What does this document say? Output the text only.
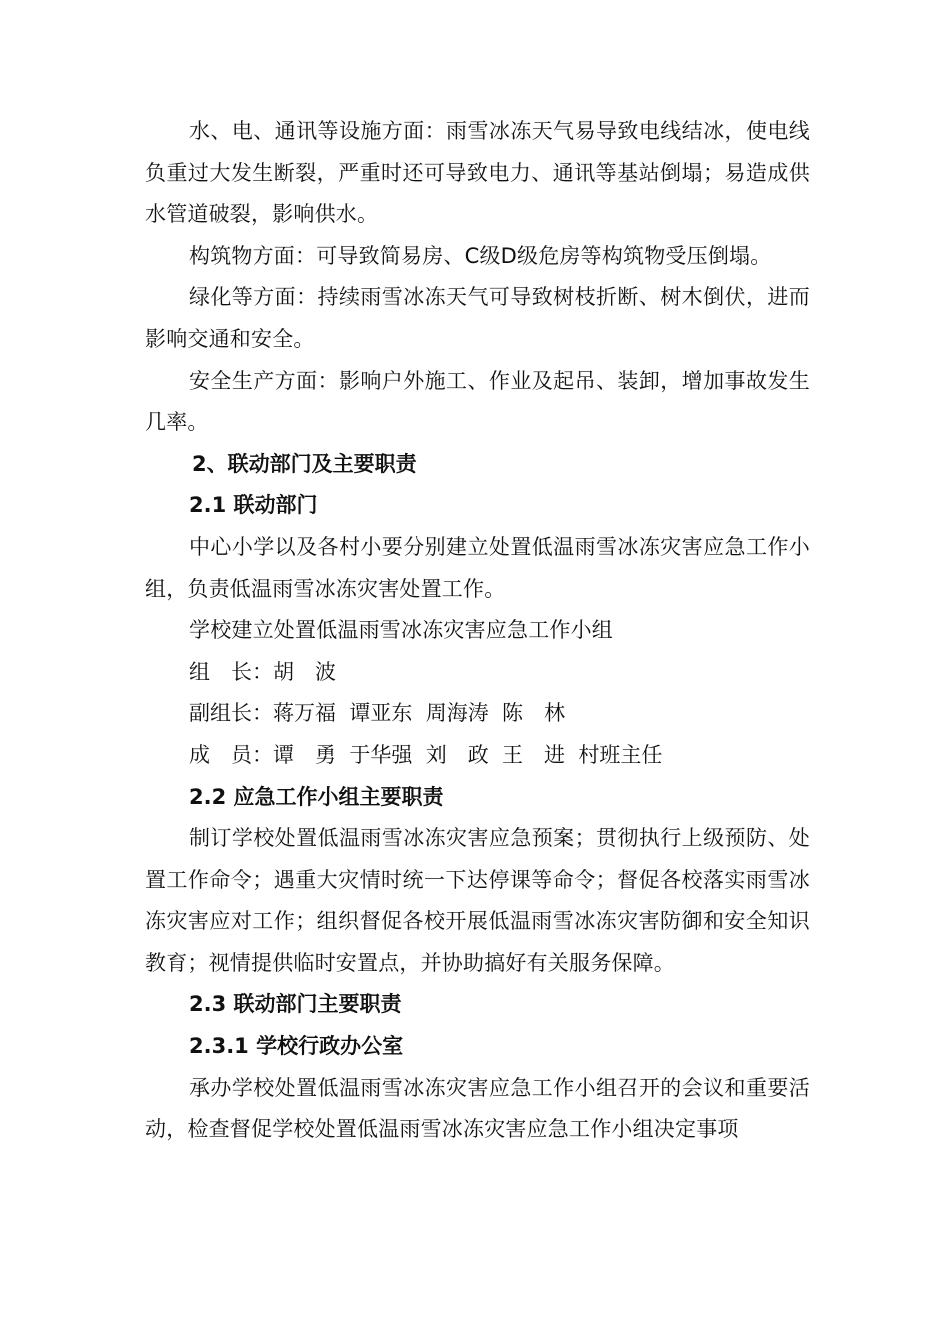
水、电、通讯等设施方面：雨雪冰冻天气易导致电线结冰，使电线负重过大发生断裂，严重时还可导致电力、通讯等基站倒塌；易造成供水管道破裂，影响供水。

构筑物方面：可导致简易房、C级D级危房等构筑物受压倒塌。

绿化等方面：持续雨雪冰冻天气可导致树枝折断、树木倒伏，进而影响交通和安全。

安全生产方面：影响户外施工、作业及起吊、装卸，增加事故发生几率。

2、联动部门及主要职责

2.1 联动部门

中心小学以及各村小要分别建立处置低温雨雪冰冻灾害应急工作小组，负责低温雨雪冰冻灾害处置工作。

学校建立处置低温雨雪冰冻灾害应急工作小组

组　长：胡　波

副组长：蒋万福  谭亚东  周海涛  陈　林

成　员：谭　勇  于华强  刘　政  王　进  村班主任

2.2 应急工作小组主要职责

制订学校处置低温雨雪冰冻灾害应急预案；贯彻执行上级预防、处置工作命令；遇重大灾情时统一下达停课等命令；督促各校落实雨雪冰冻灾害应对工作；组织督促各校开展低温雨雪冰冻灾害防御和安全知识教育；视情提供临时安置点，并协助搞好有关服务保障。

2.3 联动部门主要职责

2.3.1 学校行政办公室

承办学校处置低温雨雪冰冻灾害应急工作小组召开的会议和重要活动，检查督促学校处置低温雨雪冰冻灾害应急工作小组决定事项
